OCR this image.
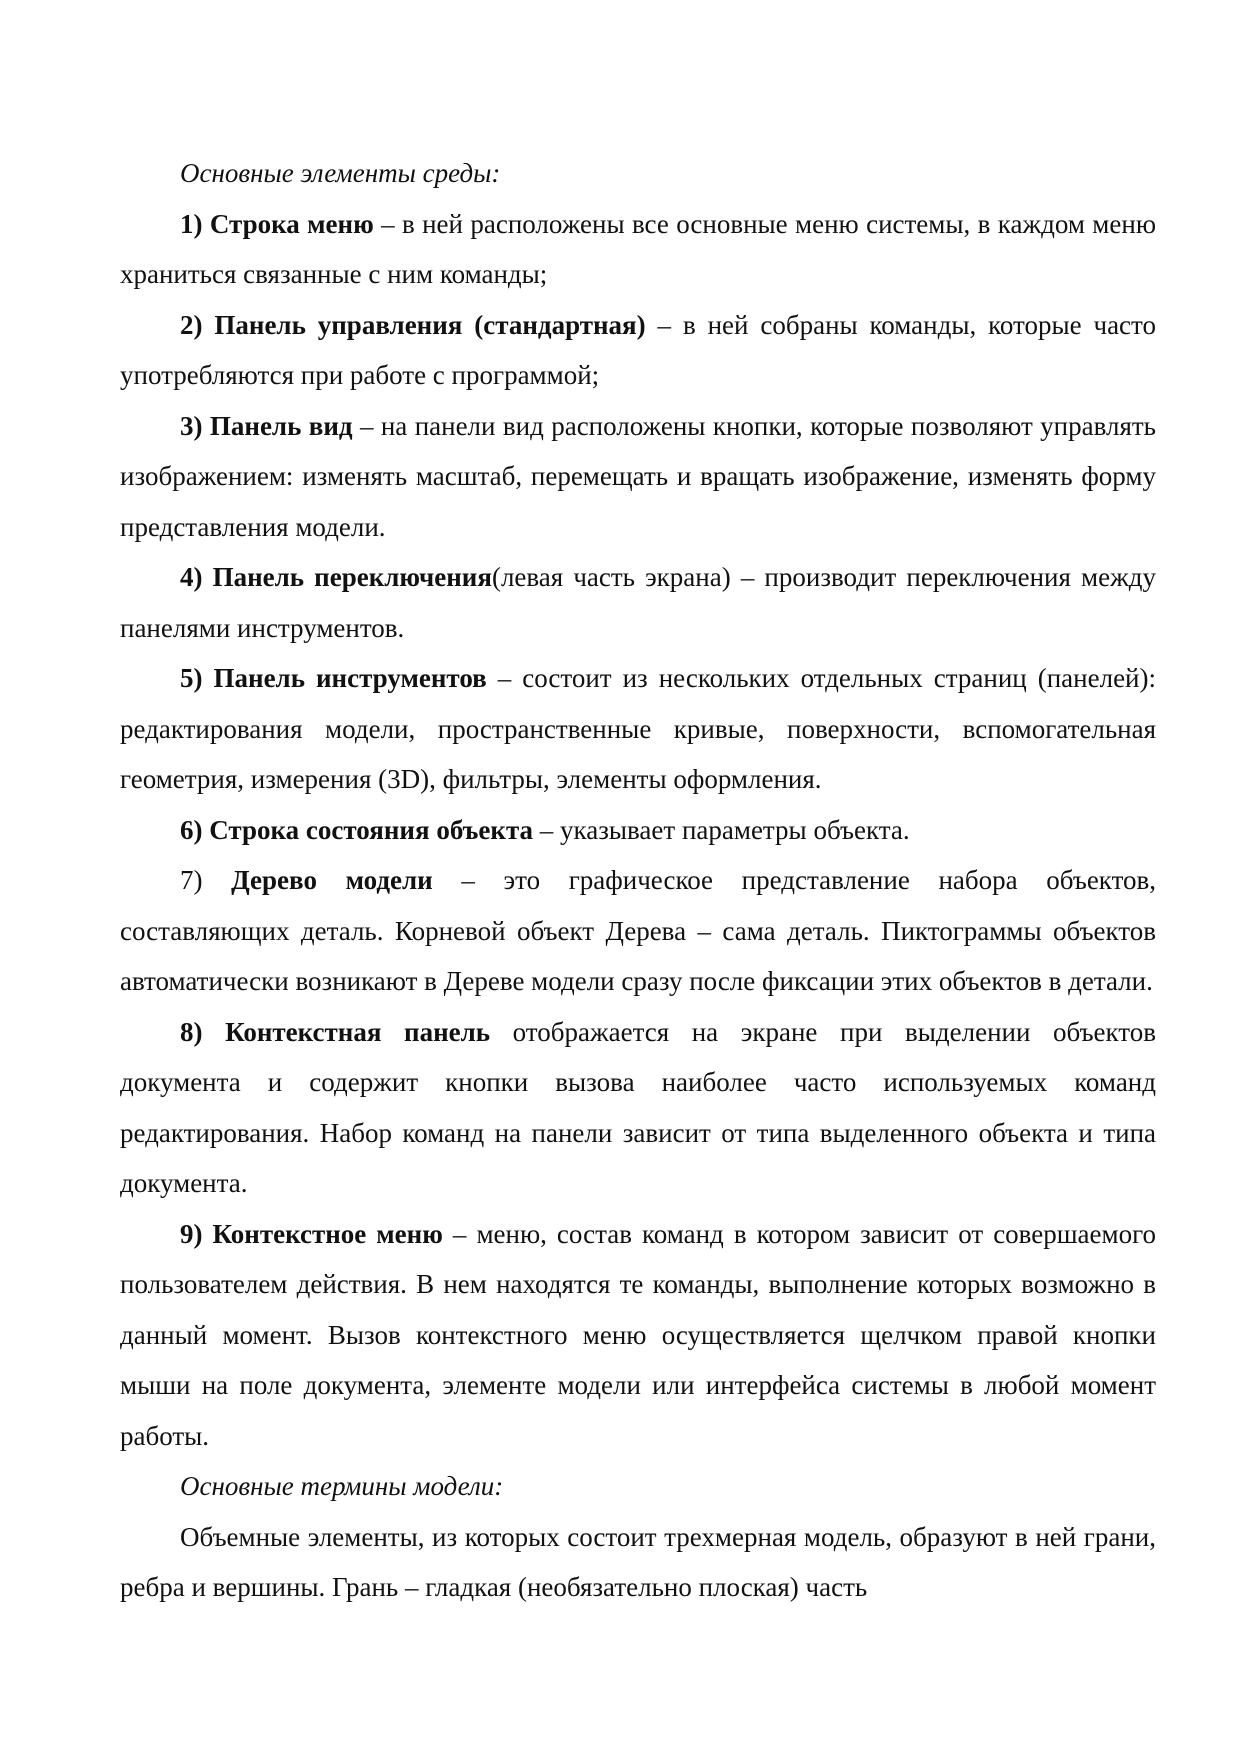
Основные элементы среды:

1) Строка меню – в ней расположены все основные меню системы, в каждом меню храниться связанные с ним команды;

2) Панель управления (стандартная) – в ней собраны команды, которые часто употребляются при работе с программой;

3) Панель вид – на панели вид расположены кнопки, которые позволяют управлять изображением: изменять масштаб, перемещать и вращать изображение, изменять форму представления модели.

4) Панель переключения(левая часть экрана) – производит переключения между панелями инструментов.

5) Панель инструментов – состоит из нескольких отдельных страниц (панелей): редактирования модели, пространственные кривые, поверхности, вспомогательная геометрия, измерения (3D), фильтры, элементы оформления.

6) Строка состояния объекта – указывает параметры объекта.

7) Дерево модели – это графическое представление набора объектов, составляющих деталь. Корневой объект Дерева – сама деталь. Пиктограммы объектов автоматически возникают в Дереве модели сразу после фиксации этих объектов в детали.

8) Контекстная панель отображается на экране при выделении объектов документа и содержит кнопки вызова наиболее часто используемых команд редактирования. Набор команд на панели зависит от типа выделенного объекта и типа документа.

9) Контекстное меню – меню, состав команд в котором зависит от совершаемого пользователем действия. В нем находятся те команды, выполнение которых возможно в данный момент. Вызов контекстного меню осуществляется щелчком правой кнопки мыши на поле документа, элементе модели или интерфейса системы в любой момент работы.

Основные термины модели:

Объемные элементы, из которых состоит трехмерная модель, образуют в ней грани, ребра и вершины. Грань – гладкая (необязательно плоская) часть
